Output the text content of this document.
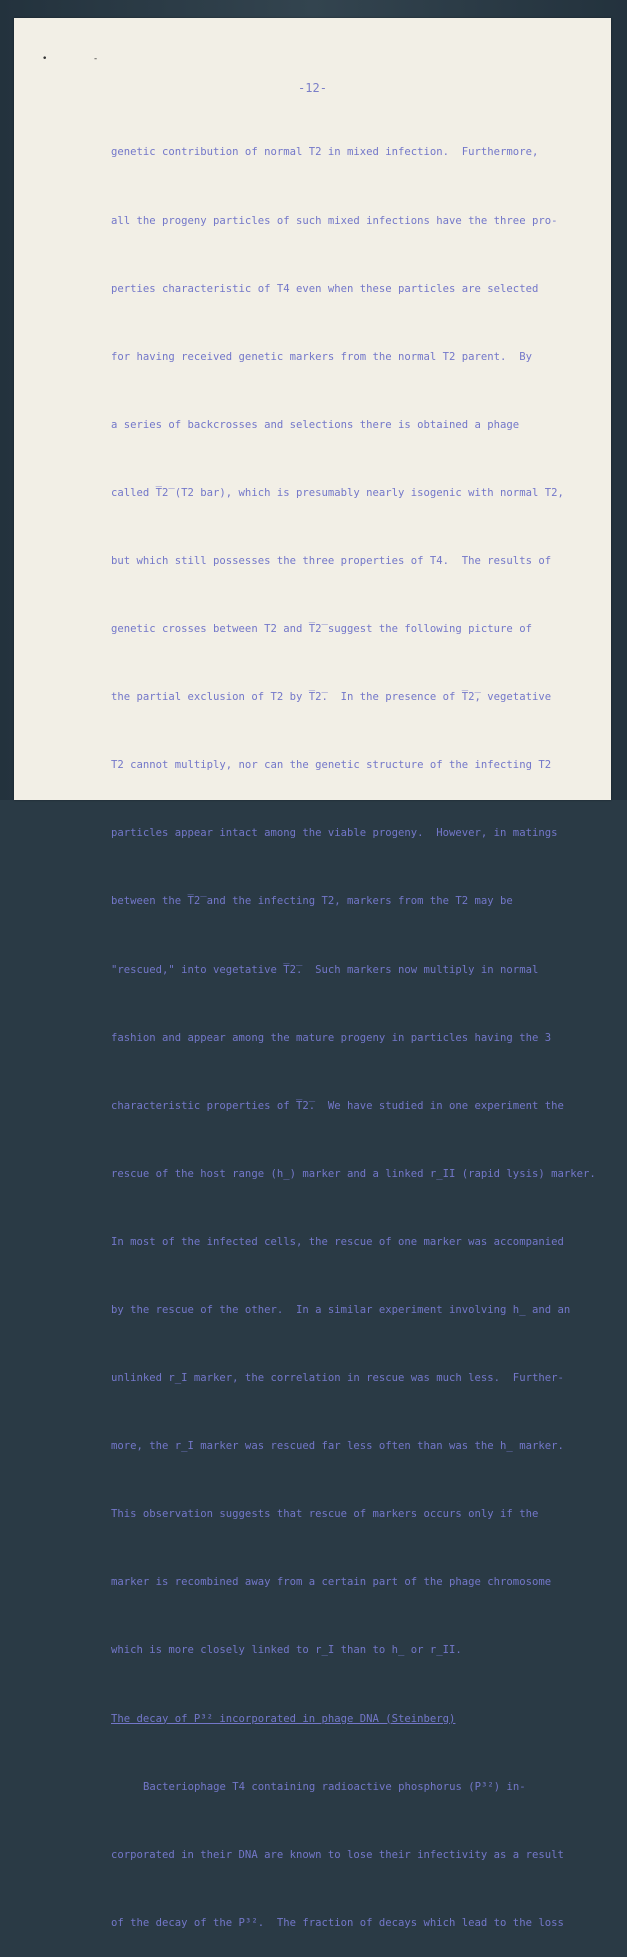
• -
-12-

genetic contribution of normal T2 in mixed infection.  Furthermore,

all the progeny particles of such mixed infections have the three pro-

perties characteristic of T4 even when these particles are selected

for having received genetic markers from the normal T2 parent.  By

a series of backcrosses and selections there is obtained a phage

called T̅2̅ (T2 bar), which is presumably nearly isogenic with normal T2,

but which still possesses the three properties of T4.  The results of

genetic crosses between T2 and T̅2̅ suggest the following picture of

the partial exclusion of T2 by T̅2̅.  In the presence of T̅2̅, vegetative

T2 cannot multiply, nor can the genetic structure of the infecting T2

particles appear intact among the viable progeny.  However, in matings

between the T̅2̅ and the infecting T2, markers from the T2 may be

"rescued," into vegetative T̅2̅.  Such markers now multiply in normal

fashion and appear among the mature progeny in particles having the 3

characteristic properties of T̅2̅.  We have studied in one experiment the

rescue of the host range (h̲) marker and a linked r̲II (rapid lysis) marker.

In most of the infected cells, the rescue of one marker was accompanied

by the rescue of the other.  In a similar experiment involving h̲ and an

unlinked r̲I marker, the correlation in rescue was much less.  Further-

more, the r̲I marker was rescued far less often than was the h̲ marker.

This observation suggests that rescue of markers occurs only if the

marker is recombined away from a certain part of the phage chromosome

which is more closely linked to r̲I than to h̲ or r̲II.

The decay of P³² incorporated in phage DNA (Steinberg)

Bacteriophage T4 containing radioactive phosphorus (P³²) in-

corporated in their DNA are known to lose their infectivity as a result

of the decay of the P³².  The fraction of decays which lead to the loss
